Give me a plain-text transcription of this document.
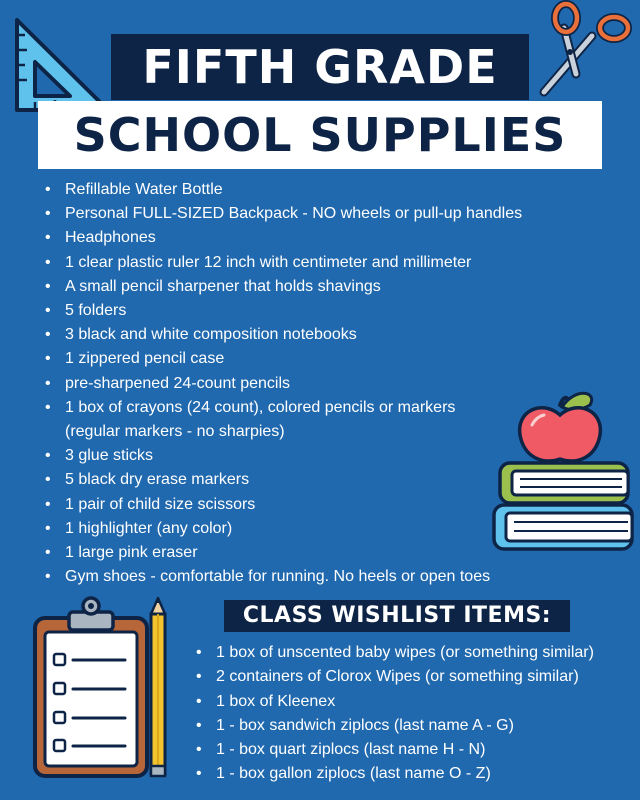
FIFTH GRADE
SCHOOL SUPPLIES
• Refillable Water Bottle
• Personal FULL-SIZED Backpack - NO wheels or pull-up handles
• Headphones
• 1 clear plastic ruler 12 inch with centimeter and millimeter
• A small pencil sharpener that holds shavings
• 5 folders
• 3 black and white composition notebooks
• 1 zippered pencil case
• pre-sharpened 24-count pencils
• 1 box of crayons (24 count), colored pencils or markers
(regular markers - no sharpies)
• 3 glue sticks
• 5 black dry erase markers
• 1 pair of child size scissors
• 1 highlighter (any color)
• 1 large pink eraser
• Gym shoes - comfortable for running. No heels or open toes
CLASS WISHLIST ITEMS:
• 1 box of unscented baby wipes (or something similar)
• 2 containers of Clorox Wipes (or something similar)
• 1 box of Kleenex
• 1 - box sandwich ziplocs (last name A - G)
• 1 - box quart ziplocs (last name H - N)
• 1 - box gallon ziplocs (last name O - Z)
